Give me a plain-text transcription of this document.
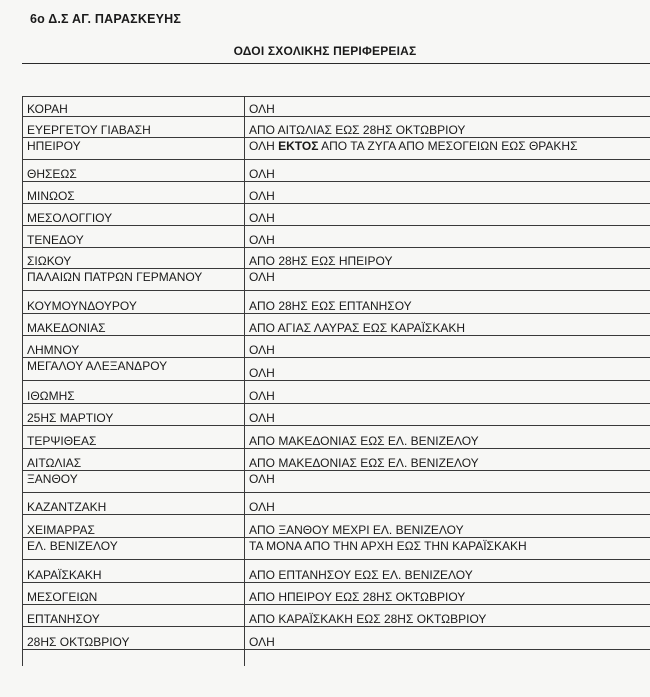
6ο Δ.Σ ΑΓ. ΠΑΡΑΣΚΕΥΗΣ
ΟΔΟΙ ΣΧΟΛΙΚΗΣ ΠΕΡΙΦΕΡΕΙΑΣ
ΚΟΡΑΗ	ΟΛΗ
ΕΥΕΡΓΕΤΟΥ ΓΙΑΒΑΣΗ	ΑΠΟ ΑΙΤΩΛΙΑΣ ΕΩΣ 28ΗΣ ΟΚΤΩΒΡΙΟΥ
ΗΠΕΙΡΟΥ	ΟΛΗ ΕΚΤΟΣ ΑΠΟ ΤΑ ΖΥΓΑ ΑΠΟ ΜΕΣΟΓΕΙΩΝ ΕΩΣ ΘΡΑΚΗΣ
ΘΗΣΕΩΣ	ΟΛΗ
ΜΙΝΩΟΣ	ΟΛΗ
ΜΕΣΟΛΟΓΓΙΟΥ	ΟΛΗ
ΤΕΝΕΔΟΥ	ΟΛΗ
ΣΙΩΚΟΥ	ΑΠΟ 28ΗΣ ΕΩΣ ΗΠΕΙΡΟΥ
ΠΑΛΑΙΩΝ ΠΑΤΡΩΝ ΓΕΡΜΑΝΟΥ	ΟΛΗ
ΚΟΥΜΟΥΝΔΟΥΡΟΥ	ΑΠΟ 28ΗΣ ΕΩΣ ΕΠΤΑΝΗΣΟΥ
ΜΑΚΕΔΟΝΙΑΣ	ΑΠΟ ΑΓΙΑΣ ΛΑΥΡΑΣ ΕΩΣ ΚΑΡΑΪΣΚΑΚΗ
ΛΗΜΝΟΥ	ΟΛΗ
ΜΕΓΑΛΟΥ ΑΛΕΞΑΝΔΡΟΥ	ΟΛΗ
ΙΘΩΜΗΣ	ΟΛΗ
25ΗΣ ΜΑΡΤΙΟΥ	ΟΛΗ
ΤΕΡΨΙΘΕΑΣ	ΑΠΟ ΜΑΚΕΔΟΝΙΑΣ ΕΩΣ ΕΛ. ΒΕΝΙΖΕΛΟΥ
ΑΙΤΩΛΙΑΣ	ΑΠΟ ΜΑΚΕΔΟΝΙΑΣ ΕΩΣ ΕΛ. ΒΕΝΙΖΕΛΟΥ
ΞΑΝΘΟΥ	ΟΛΗ
ΚΑΖΑΝΤΖΑΚΗ	ΟΛΗ
ΧΕΙΜΑΡΡΑΣ	ΑΠΟ ΞΑΝΘΟΥ ΜΕΧΡΙ ΕΛ. ΒΕΝΙΖΕΛΟΥ
ΕΛ. ΒΕΝΙΖΕΛΟΥ	ΤΑ ΜΟΝΑ ΑΠΟ ΤΗΝ ΑΡΧΗ ΕΩΣ ΤΗΝ ΚΑΡΑΪΣΚΑΚΗ
ΚΑΡΑΪΣΚΑΚΗ	ΑΠΟ ΕΠΤΑΝΗΣΟΥ ΕΩΣ ΕΛ. ΒΕΝΙΖΕΛΟΥ
ΜΕΣΟΓΕΙΩΝ	ΑΠΟ ΗΠΕΙΡΟΥ ΕΩΣ 28ΗΣ ΟΚΤΩΒΡΙΟΥ
ΕΠΤΑΝΗΣΟΥ	ΑΠΟ ΚΑΡΑΪΣΚΑΚΗ ΕΩΣ 28ΗΣ ΟΚΤΩΒΡΙΟΥ
28ΗΣ ΟΚΤΩΒΡΙΟΥ	ΟΛΗ
